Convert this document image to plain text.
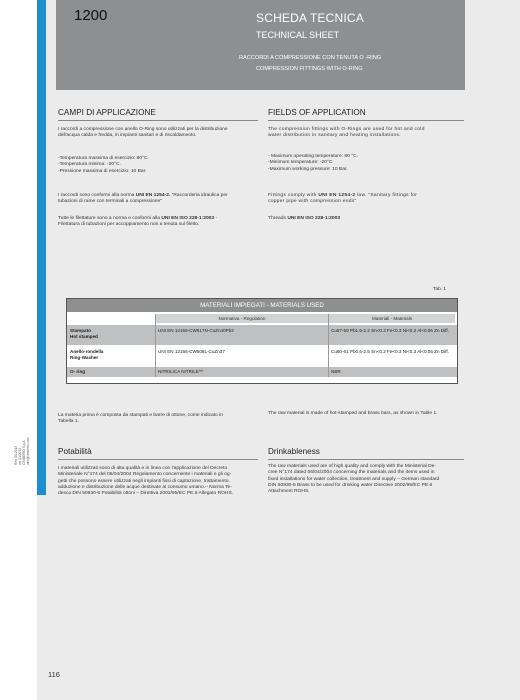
Rev. 00-2013 ed. 01/2013 CIMBERIO S.p.A. info@cimberio.com
1200	SCHEDA TECNICA
TECHNICAL SHEET
RACCORDI A COMPRESSIONE CON TENUTA O -RING
COMPRESSION FITTINGS WITH O-RING
CAMPI DI APPLICAZIONE
I raccordi a compressione con anello O-Ring sono utilizzati per la distribuzione
dell'acqua calda e fredda, in impianti sanitari e di riscaldamento.
-Temperatura massima di esercizio: 80°C.
-Temperatura minima: -20°C.
-Pressione massima di esercizio: 10 Bar.
I raccordi sono conformi alla norma UNI EN 1254-2. "Raccorderia idraulica per
tubazioni di rame con terminali a compressione"
Tutte le filettature sono a norma e conformi alla UNI EN ISO 228-1:2003 -
Filettatura di tubazioni per accoppiamento non a tenuta sul filetto.
FIELDS OF APPLICATION
The compression fittings with O-Rings are used for hot and cold
water distribution in sanitary and heating installations.
- Maximum operating temperature: 80 °C.
-Minimum temperature: -20°C
-Maximum working pressure: 10 Bar.
Fittings comply with UNI EN 1254-2 law. "Sanitary fittings for
copper pipe with compression ends"
Threads UNI EN ISO 228-1:2003
Tab. 1
MATERIALI IMPIEGATI - MATERIALS USED
Normativa - Regulation	Materiali - Materials
Stampato
Hot stamped
UNI EN 12165-CW617N-CuZn40Pb2	Cu57-59 Pb1.6-2.2 Sn<0.3 Fe<0.3 Ni<0.2 Al<0.05 Zn Diff.
Anello-rondella
Ring-Washer
UNI EN 12166-CW508L-CuZn37	Cu60-61 Pb0.6-2.5 Sn<0.2 Fe<0.3 Ni<0.3 Al<0.05 Zn Diff.
O- ring	NITRILICA NITRILE^^	NBR
La materia prima è composta da stampati e barre di ottone, come indicato in
Tabella 1.
The raw material is made of hot-stamped and brass bars, as shown in Table 1.
Potabilità
I materiali utilizzati sono di alta qualità e in linea con l'applicazione del Decreto
Ministeriale N°174 del 06/04/2004 Regolamento concernente i materiali e gli og-
getti che possono essere utilizzati negli impianti fissi di captazione, trattamento,
adduzione e distribuzione delle acque destinate al consumo umano.– Norma Te-
desca DIN 50930-6 Potabilità ottoni – Direttiva 2002/95/EC PE.6 Allegato ROHS.
Drinkableness
The raw materials used are of high quality and comply with the Ministerial De-
cree N°174 dated 06/04/2004 concerning the materials and the items used in
fixed installations for water collection, treatment and supply – German standard
DIN 50930-6 Brass to be used for drinking water Directive 2002/95/EC PE.6
Attachment ROHS.
116
